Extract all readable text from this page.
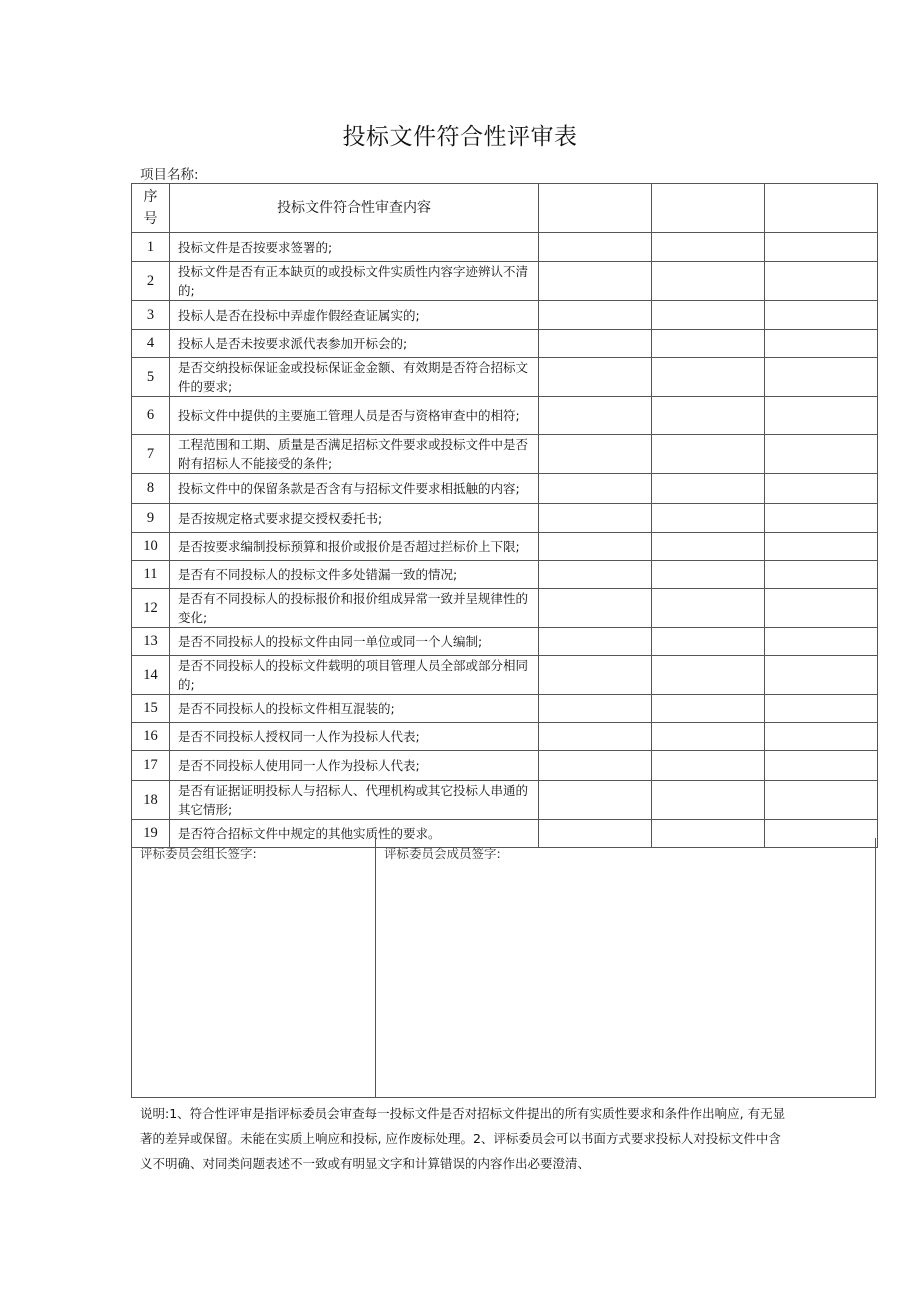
投标文件符合性评审表
项目名称:
序
号	投标文件符合性审查内容			
1	投标文件是否按要求签署的;			
2	投标文件是否有正本缺页的或投标文件实质性内容字迹辨认不清的;			
3	投标人是否在投标中弄虚作假经查证属实的;			
4	投标人是否未按要求派代表参加开标会的;			
5	是否交纳投标保证金或投标保证金金额、有效期是否符合招标文件的要求;			
6	投标文件中提供的主要施工管理人员是否与资格审查中的相符;			
7	工程范围和工期、质量是否满足招标文件要求或投标文件中是否附有招标人不能接受的条件;			
8	投标文件中的保留条款是否含有与招标文件要求相抵触的内容;			
9	是否按规定格式要求提交授权委托书;			
10	是否按要求编制投标预算和报价或报价是否超过拦标价上下限;			
11	是否有不同投标人的投标文件多处错漏一致的情况;			
12	是否有不同投标人的投标报价和报价组成异常一致并呈规律性的变化;			
13	是否不同投标人的投标文件由同一单位或同一个人编制;			
14	是否不同投标人的投标文件载明的项目管理人员全部或部分相同的;			
15	是否不同投标人的投标文件相互混装的;			
16	是否不同投标人授权同一人作为投标人代表;			
17	是否不同投标人使用同一人作为投标人代表;			
18	是否有证据证明投标人与招标人、代理机构或其它投标人串通的其它情形;			
19	是否符合招标文件中规定的其他实质性的要求。			
评标委员会组长签字:	评标委员会成员签字:
说明:1、符合性评审是指评标委员会审查每一投标文件是否对招标文件提出的所有实质性要求和条件作出响应, 有无显著的差异或保留。未能在实质上响应和投标, 应作废标处理。2、评标委员会可以书面方式要求投标人对投标文件中含义不明确、对同类问题表述不一致或有明显文字和计算错误的内容作出必要澄清、
